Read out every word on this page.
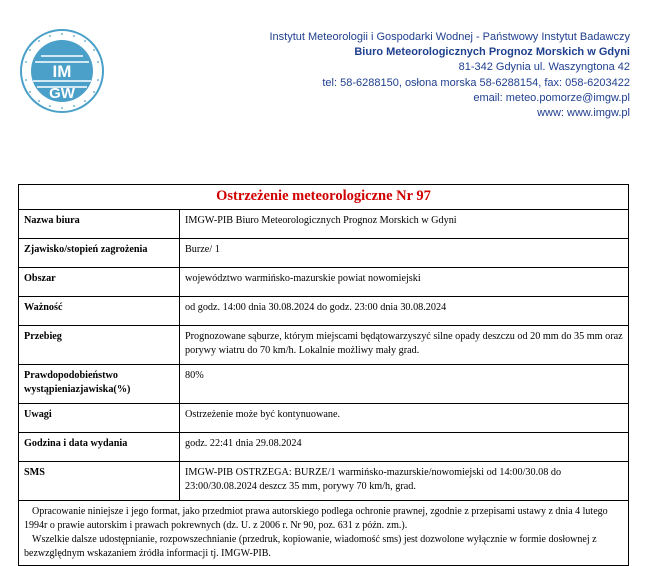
IM
GW
Instytut Meteorologii i Gospodarki Wodnej - Państwowy Instytut Badawczy
Biuro Meteorologicznych Prognoz Morskich w Gdyni
81-342 Gdynia ul. Waszyngtona 42
tel: 58-6288150, osłona morska 58-6288154, fax: 058-6203422
email: meteo.pomorze@imgw.pl
www: www.imgw.pl
Ostrzeżenie meteorologiczne Nr 97	
Nazwa biura	IMGW-PIB Biuro Meteorologicznych Prognoz Morskich w Gdyni
Zjawisko/stopień zagrożenia	Burze/ 1
Obszar	województwo warmińsko-mazurskie powiat nowomiejski
Ważność	od godz. 14:00 dnia 30.08.2024 do godz. 23:00 dnia 30.08.2024
Przebieg	Prognozowane sąburze, którym miejscami będątowarzyszyć silne opady deszczu od 20 mm do 35 mm oraz porywy wiatru do 70 km/h. Lokalnie możliwy mały grad.
Prawdopodobieństwo wystąpieniazjawiska(%)	80%
Uwagi	Ostrzeżenie może być kontynuowane.
Godzina i data wydania	godz. 22:41 dnia 29.08.2024
SMS	IMGW-PIB OSTRZEGA: BURZE/1 warmińsko-mazurskie/nowomiejski od 14:00/30.08 do 23:00/30.08.2024 deszcz 35 mm, porywy 70 km/h, grad.

Opracowanie niniejsze i jego format, jako przedmiot prawa autorskiego podlega ochronie prawnej, zgodnie z przepisami ustawy z dnia 4 lutego 1994r o prawie autorskim i prawach pokrewnych (dz. U. z 2006 r. Nr 90, poz. 631 z późn. zm.).

Wszelkie dalsze udostępnianie, rozpowszechnianie (przedruk, kopiowanie, wiadomość sms) jest dozwolone wyłącznie w formie dosłownej z bezwzględnym wskazaniem źródła informacji tj. IMGW-PIB.	
